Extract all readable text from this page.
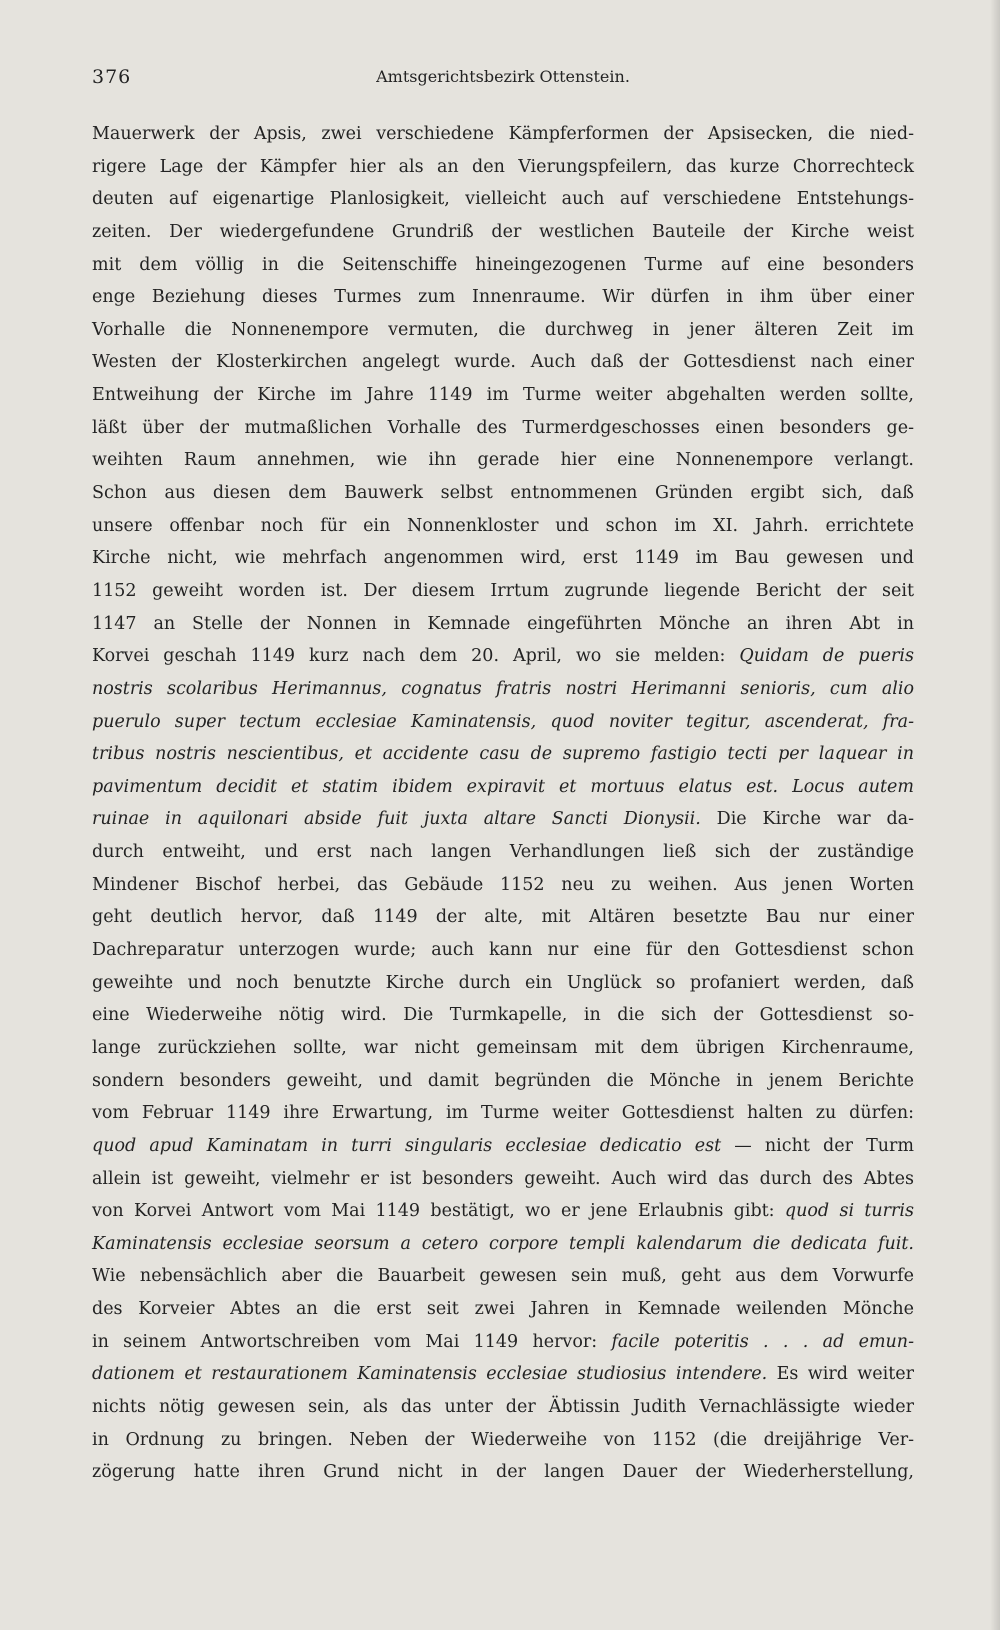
376	Amtsgerichtsbezirk Ottenstein.
Mauerwerk der Apsis, zwei verschiedene Kämpferformen der Apsisecken, die nied-
rigere Lage der Kämpfer hier als an den Vierungspfeilern, das kurze Chorrechteck
deuten auf eigenartige Planlosigkeit, vielleicht auch auf verschiedene Entstehungs-
zeiten. Der wiedergefundene Grundriß der westlichen Bauteile der Kirche weist
mit dem völlig in die Seitenschiffe hineingezogenen Turme auf eine besonders
enge Beziehung dieses Turmes zum Innenraume. Wir dürfen in ihm über einer
Vorhalle die Nonnenempore vermuten, die durchweg in jener älteren Zeit im
Westen der Klosterkirchen angelegt wurde. Auch daß der Gottesdienst nach einer
Entweihung der Kirche im Jahre 1149 im Turme weiter abgehalten werden sollte,
läßt über der mutmaßlichen Vorhalle des Turmerdgeschosses einen besonders ge-
weihten Raum annehmen, wie ihn gerade hier eine Nonnenempore verlangt.
Schon aus diesen dem Bauwerk selbst entnommenen Gründen ergibt sich, daß
unsere offenbar noch für ein Nonnenkloster und schon im XI. Jahrh. errichtete
Kirche nicht, wie mehrfach angenommen wird, erst 1149 im Bau gewesen und
1152 geweiht worden ist. Der diesem Irrtum zugrunde liegende Bericht der seit
1147 an Stelle der Nonnen in Kemnade eingeführten Mönche an ihren Abt in
Korvei geschah 1149 kurz nach dem 20. April, wo sie melden: Quidam de pueris
nostris scolaribus Herimannus, cognatus fratris nostri Herimanni senioris, cum alio
puerulo super tectum ecclesiae Kaminatensis, quod noviter tegitur, ascenderat, fra-
tribus nostris nescientibus, et accidente casu de supremo fastigio tecti per laquear in
pavimentum decidit et statim ibidem expiravit et mortuus elatus est. Locus autem
ruinae in aquilonari abside fuit juxta altare Sancti Dionysii. Die Kirche war da-
durch entweiht, und erst nach langen Verhandlungen ließ sich der zuständige
Mindener Bischof herbei, das Gebäude 1152 neu zu weihen. Aus jenen Worten
geht deutlich hervor, daß 1149 der alte, mit Altären besetzte Bau nur einer
Dachreparatur unterzogen wurde; auch kann nur eine für den Gottesdienst schon
geweihte und noch benutzte Kirche durch ein Unglück so profaniert werden, daß
eine Wiederweihe nötig wird. Die Turmkapelle, in die sich der Gottesdienst so-
lange zurückziehen sollte, war nicht gemeinsam mit dem übrigen Kirchenraume,
sondern besonders geweiht, und damit begründen die Mönche in jenem Berichte
vom Februar 1149 ihre Erwartung, im Turme weiter Gottesdienst halten zu dürfen:
quod apud Kaminatam in turri singularis ecclesiae dedicatio est — nicht der Turm
allein ist geweiht, vielmehr er ist besonders geweiht. Auch wird das durch des Abtes
von Korvei Antwort vom Mai 1149 bestätigt, wo er jene Erlaubnis gibt: quod si turris
Kaminatensis ecclesiae seorsum a cetero corpore templi kalendarum die dedicata fuit.
Wie nebensächlich aber die Bauarbeit gewesen sein muß, geht aus dem Vorwurfe
des Korveier Abtes an die erst seit zwei Jahren in Kemnade weilenden Mönche
in seinem Antwortschreiben vom Mai 1149 hervor: facile poteritis . . . ad emun-
dationem et restaurationem Kaminatensis ecclesiae studiosius intendere. Es wird weiter
nichts nötig gewesen sein, als das unter der Äbtissin Judith Vernachlässigte wieder
in Ordnung zu bringen. Neben der Wiederweihe von 1152 (die dreijährige Ver-
zögerung hatte ihren Grund nicht in der langen Dauer der Wiederherstellung,
